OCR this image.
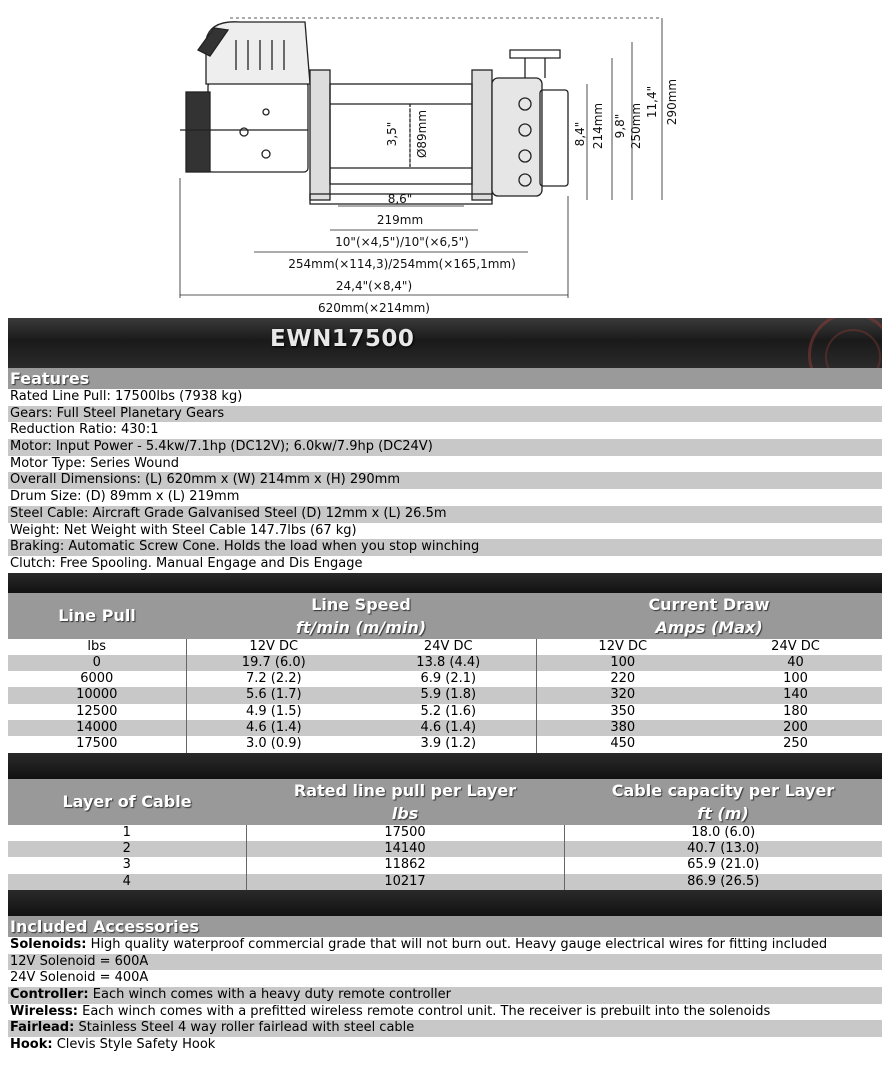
3,5" Ø89mm
8,6"
219mm
10"(×4,5")/10"(×6,5")
254mm(×114,3)/254mm(×165,1mm)
24,4"(×8,4")
620mm(×214mm)
8,4" 214mm 9,8" 250mm
11,4" 290mm
EWN17500
Features
Rated Line Pull: 17500lbs (7938 kg)
Gears: Full Steel Planetary Gears
Reduction Ratio: 430:1
Motor: Input Power - 5.4kw/7.1hp (DC12V); 6.0kw/7.9hp (DC24V)
Motor Type: Series Wound
Overall Dimensions: (L) 620mm x (W) 214mm x (H) 290mm
Drum Size: (D) 89mm x (L) 219mm
Steel Cable: Aircraft Grade Galvanised Steel (D) 12mm x (L) 26.5m
Weight: Net Weight with Steel Cable 147.7lbs (67 kg)
Braking: Automatic Screw Cone. Holds the load when you stop winching
Clutch: Free Spooling. Manual Engage and Dis Engage
Line Pull	Line Speed		Current Draw	
	ft/min (m/min)		Amps (Max)	
lbs	12V DC	24V DC	12V DC	24V DC
0	19.7 (6.0)	13.8 (4.4)	100	40
6000	7.2 (2.2)	6.9 (2.1)	220	100
10000	5.6 (1.7)	5.9 (1.8)	320	140
12500	4.9 (1.5)	5.2 (1.6)	350	180
14000	4.6 (1.4)	4.6 (1.4)	380	200
17500	3.0 (0.9)	3.9 (1.2)	450	250
Layer of Cable	Rated line pull per Layer	Cable capacity per Layer
	lbs	ft (m)
1	17500	18.0 (6.0)
2	14140	40.7 (13.0)
3	11862	65.9 (21.0)
4	10217	86.9 (26.5)
Included Accessories
Solenoids: High quality waterproof commercial grade that will not burn out. Heavy gauge electrical wires for fitting included
12V Solenoid = 600A
24V Solenoid = 400A
Controller: Each winch comes with a heavy duty remote controller
Wireless: Each winch comes with a prefitted wireless remote control unit. The receiver is prebuilt into the solenoids
Fairlead: Stainless Steel 4 way roller fairlead with steel cable
Hook: Clevis Style Safety Hook
